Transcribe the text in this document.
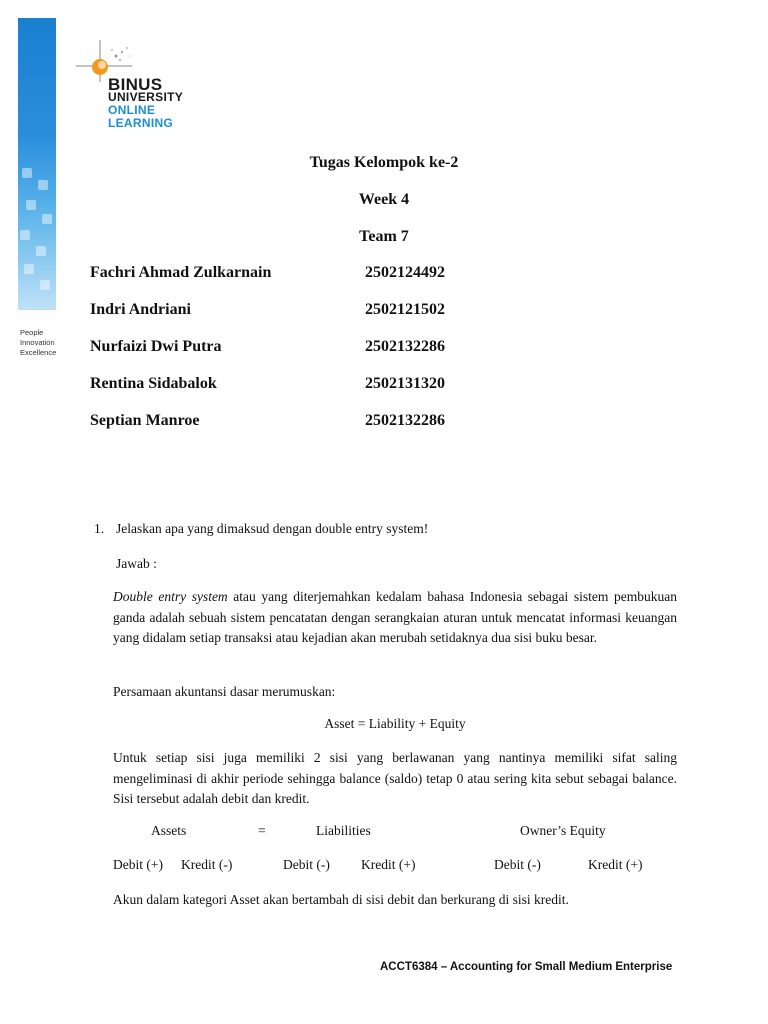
People
Innovation
Excellence
BINUS
UNIVERSITY
ONLINE
LEARNING
Tugas Kelompok ke-2
Week 4
Team 7
Fachri Ahmad Zulkarnain	2502124492
Indri Andriani	2502121502
Nurfaizi Dwi Putra	2502132286
Rentina Sidabalok	2502131320
Septian Manroe	2502132286
1. Jelaskan apa yang dimaksud dengan double entry system!
Jawab :
Double entry system atau yang diterjemahkan kedalam bahasa Indonesia sebagai sistem pembukuan ganda adalah sebuah sistem pencatatan dengan serangkaian aturan untuk mencatat informasi keuangan yang didalam setiap transaksi atau kejadian akan merubah setidaknya dua sisi buku besar.
Persamaan akuntansi dasar merumuskan:
Asset = Liability + Equity
Untuk setiap sisi juga memiliki 2 sisi yang berlawanan yang nantinya memiliki sifat saling mengeliminasi di akhir periode sehingga balance (saldo) tetap 0 atau sering kita sebut sebagai balance. Sisi tersebut adalah debit dan kredit.
Assets	=	Liabilities	Owner’s Equity
Debit (+) Kredit (-)	Debit (-) Kredit (+)	Debit (-)	Kredit (+)
Akun dalam kategori Asset akan bertambah di sisi debit dan berkurang di sisi kredit.
ACCT6384 – Accounting for Small Medium Enterprise
